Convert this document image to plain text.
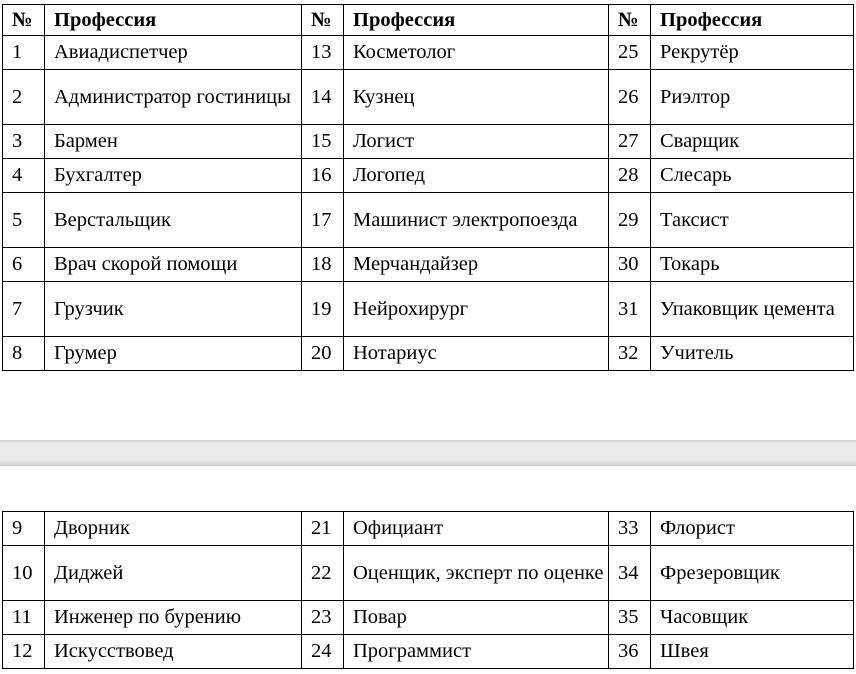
№	Профессия	№	Профессия	№	Профессия
1	Авиадиспетчер	13	Косметолог	25	Рекрутёр
2	Администратор гостиницы	14	Кузнец	26	Риэлтор
3	Бармен	15	Логист	27	Сварщик
4	Бухгалтер	16	Логопед	28	Слесарь
5	Верстальщик	17	Машинист электропоезда	29	Таксист
6	Врач скорой помощи	18	Мерчандайзер	30	Токарь
7	Грузчик	19	Нейрохирург	31	Упаковщик цемента
8	Грумер	20	Нотариус	32	Учитель
9	Дворник	21	Официант	33	Флорист
10	Диджей	22	Оценщик, эксперт по оценке	34	Фрезеровщик
11	Инженер по бурению	23	Повар	35	Часовщик
12	Искусствовед	24	Программист	36	Швея
